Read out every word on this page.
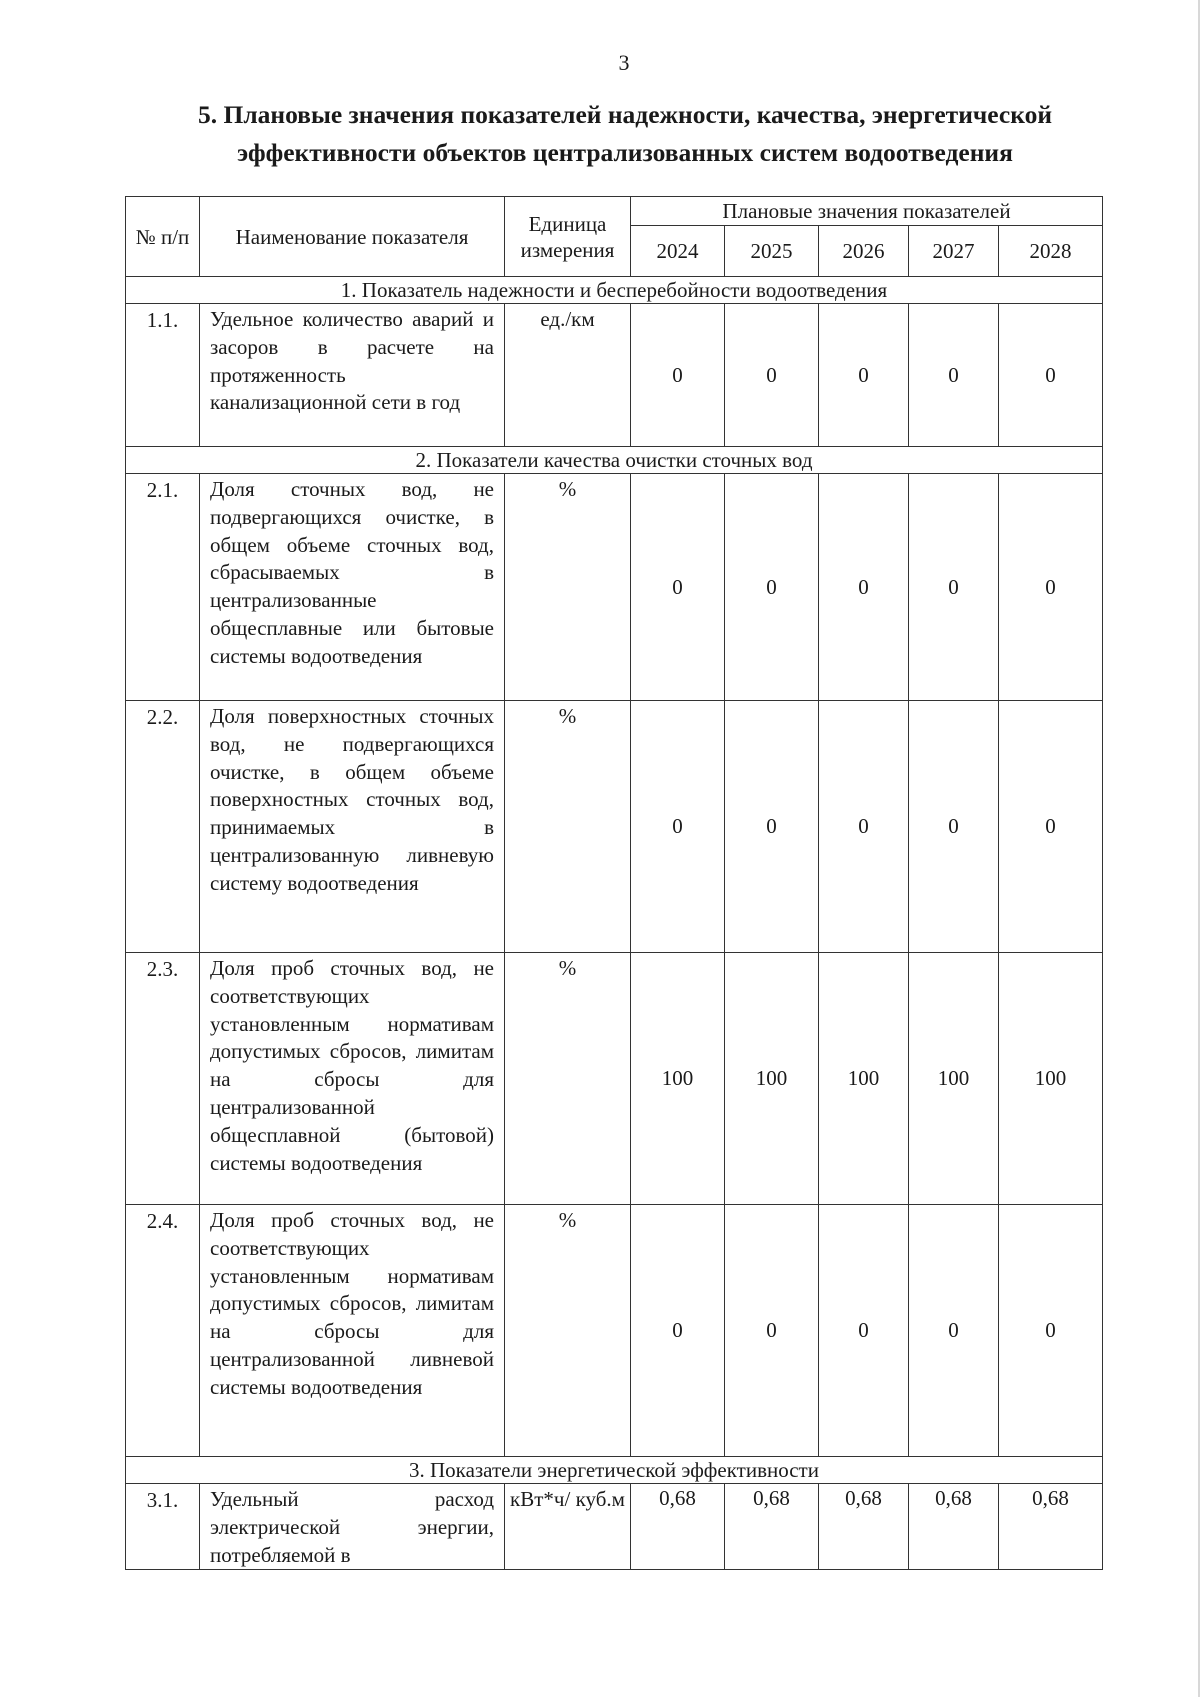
3
5. Плановые значения показателей надежности, качества, энергетической эффективности объектов централизованных систем водоотведения
№ п/п	Наименование показателя	Единица измерения	Плановые значения показателей				
			2024	2025	2026	2027	2028
1. Показатель надежности и бесперебойности водоотведения							
1.1.	Удельное количество аварий и засоров в расчете на протяженность канализационной сети в год	ед./км	0	0	0	0	0
2. Показатели качества очистки сточных вод							
2.1.	Доля сточных вод, не подвергающихся очистке, в общем объеме сточных вод, сбрасываемых в централизованные общесплавные или бытовые системы водоотведения	%	0	0	0	0	0
2.2.	Доля поверхностных сточных вод, не подвергающихся очистке, в общем объеме поверхностных сточных вод, принимаемых в централизованную ливневую систему водоотведения	%	0	0	0	0	0
2.3.	Доля проб сточных вод, не соответствующих установленным нормативам допустимых сбросов, лимитам на сбросы для централизованной общесплавной (бытовой) системы водоотведения	%	100	100	100	100	100
2.4.	Доля проб сточных вод, не соответствующих установленным нормативам допустимых сбросов, лимитам на сбросы для централизованной ливневой системы водоотведения	%	0	0	0	0	0
3. Показатели энергетической эффективности							
3.1.	Удельный расход электрической энергии, потребляемой в	кВт*ч/ куб.м	0,68	0,68	0,68	0,68	0,68
